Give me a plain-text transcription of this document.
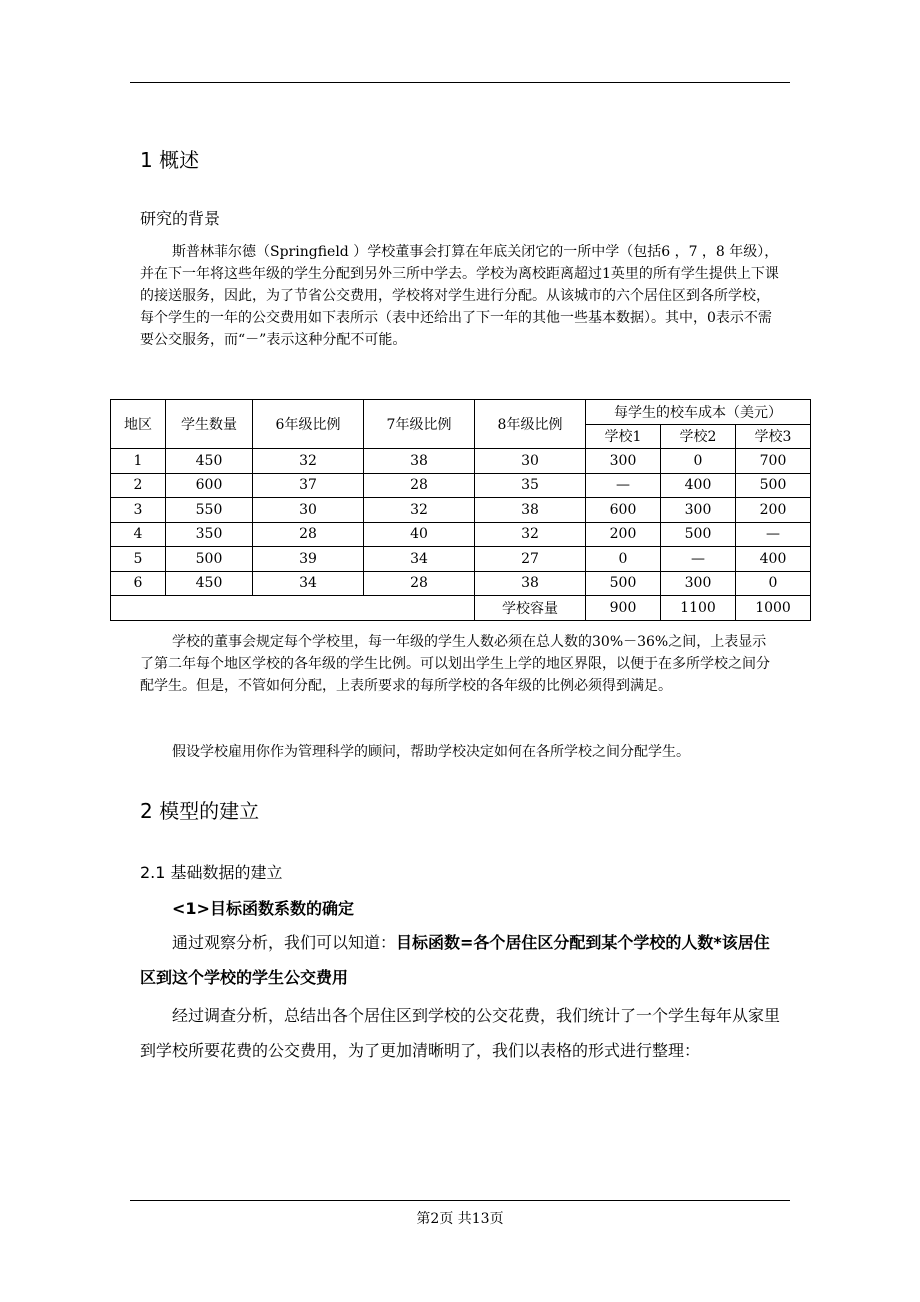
1 概述
研究的背景

斯普林菲尔德（Springfield ）学校董事会打算在年底关闭它的一所中学（包括6 ，7 ，8 年级），并在下一年将这些年级的学生分配到另外三所中学去。学校为离校距离超过1英里的所有学生提供上下课的接送服务，因此，为了节省公交费用，学校将对学生进行分配。从该城市的六个居住区到各所学校，每个学生的一年的公交费用如下表所示（表中还给出了下一年的其他一些基本数据）。其中，0表示不需要公交服务，而“－”表示这种分配不可能。

地区	学生数量	6年级比例	7年级比例	8年级比例	每学生的校车成本（美元）		
					学校1	学校2	学校3
1	450	32	38	30	300	0	700
2	600	37	28	35	—	400	500
3	550	30	32	38	600	300	200
4	350	28	40	32	200	500	—
5	500	39	34	27	0	—	400
6	450	34	28	38	500	300	0
				学校容量	900	1100	1000

学校的董事会规定每个学校里，每一年级的学生人数必须在总人数的30%－36%之间，上表显示了第二年每个地区学校的各年级的学生比例。可以划出学生上学的地区界限，以便于在多所学校之间分配学生。但是，不管如何分配，上表所要求的每所学校的各年级的比例必须得到满足。

假设学校雇用你作为管理科学的顾问，帮助学校决定如何在各所学校之间分配学生。

2 模型的建立
2.1 基础数据的建立
<1>目标函数系数的确定

通过观察分析，我们可以知道：目标函数=各个居住区分配到某个学校的人数*该居住区到这个学校的学生公交费用

经过调查分析，总结出各个居住区到学校的公交花费，我们统计了一个学生每年从家里到学校所要花费的公交费用，为了更加清晰明了，我们以表格的形式进行整理：

第2页 共13页
